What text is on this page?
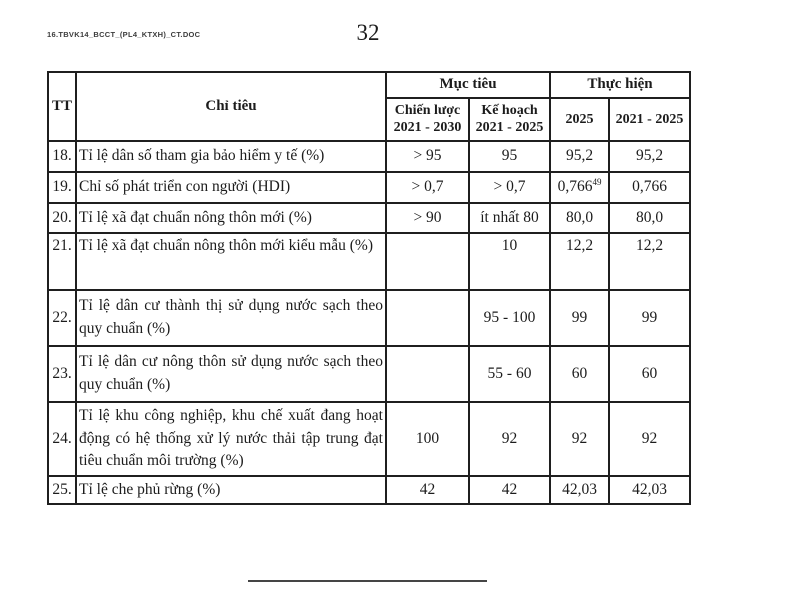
16.TBVK14_BCCT_(PL4_KTXH)_CT.DOC	32
TT	Chỉ tiêu	Mục tiêu		Thực hiện	
		Chiến lược 2021 - 2030	Kế hoạch 2021 - 2025	2025	2021 - 2025
18.	Tỉ lệ dân số tham gia bảo hiểm y tế (%)	> 95	95	95,2	95,2
19.	Chỉ số phát triển con người (HDI)	> 0,7	> 0,7	0,766$^{49}$	0,766
20.	Tỉ lệ xã đạt chuẩn nông thôn mới (%)	> 90	ít nhất 80	80,0	80,0
21.	Tỉ lệ xã đạt chuẩn nông thôn mới kiểu mẫu (%)		10	12,2	12,2
22.	Tỉ lệ dân cư thành thị sử dụng nước sạch theo quy chuẩn (%)		95 - 100	99	99
23.	Tỉ lệ dân cư nông thôn sử dụng nước sạch theo quy chuẩn (%)		55 - 60	60	60
24.	Tỉ lệ khu công nghiệp, khu chế xuất đang hoạt động có hệ thống xử lý nước thải tập trung đạt tiêu chuẩn môi trường (%)	100	92	92	92
25.	Tỉ lệ che phủ rừng (%)	42	42	42,03	42,03
